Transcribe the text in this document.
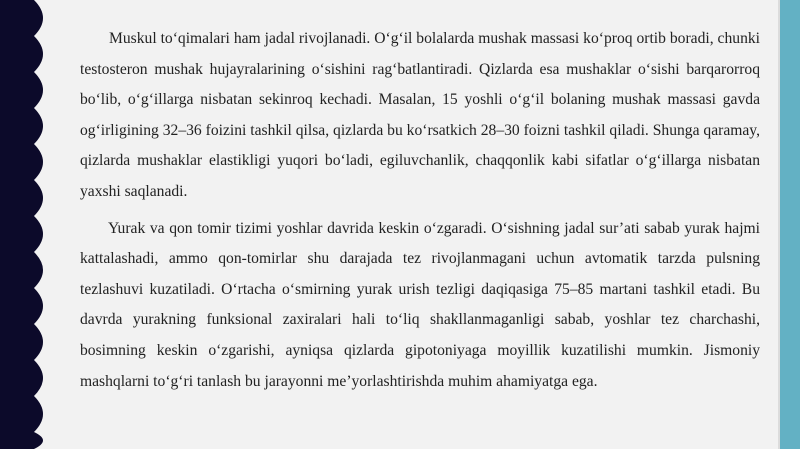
Muskul to‘qimalari ham jadal rivojlanadi. O‘g‘il bolalarda mushak massasi ko‘proq ortib boradi, chunki testosteron mushak hujayralarining o‘sishini rag‘batlantiradi. Qizlarda esa mushaklar o‘sishi barqarorroq bo‘lib, o‘g‘illarga nisbatan sekinroq kechadi. Masalan, 15 yoshli o‘g‘il bolaning mushak massasi gavda og‘irligining 32–36 foizini tashkil qilsa, qizlarda bu ko‘rsatkich 28–30 foizni tashkil qiladi. Shunga qaramay, qizlarda mushaklar elastikligi yuqori bo‘ladi, egiluvchanlik, chaqqonlik kabi sifatlar o‘g‘illarga nisbatan yaxshi saqlanadi.

Yurak va qon tomir tizimi yoshlar davrida keskin o‘zgaradi. O‘sishning jadal sur’ati sabab yurak hajmi kattalashadi, ammo qon-tomirlar shu darajada tez rivojlanmagani uchun avtomatik tarzda pulsning tezlashuvi kuzatiladi. O‘rtacha o‘smirning yurak urish tezligi daqiqasiga 75–85 martani tashkil etadi. Bu davrda yurakning funksional zaxiralari hali to‘liq shakllanmaganligi sabab, yoshlar tez charchashi, bosimning keskin o‘zgarishi, ayniqsa qizlarda gipotoniyaga moyillik kuzatilishi mumkin. Jismoniy mashqlarni to‘g‘ri tanlash bu jarayonni me’yorlashtirishda muhim ahamiyatga ega.
